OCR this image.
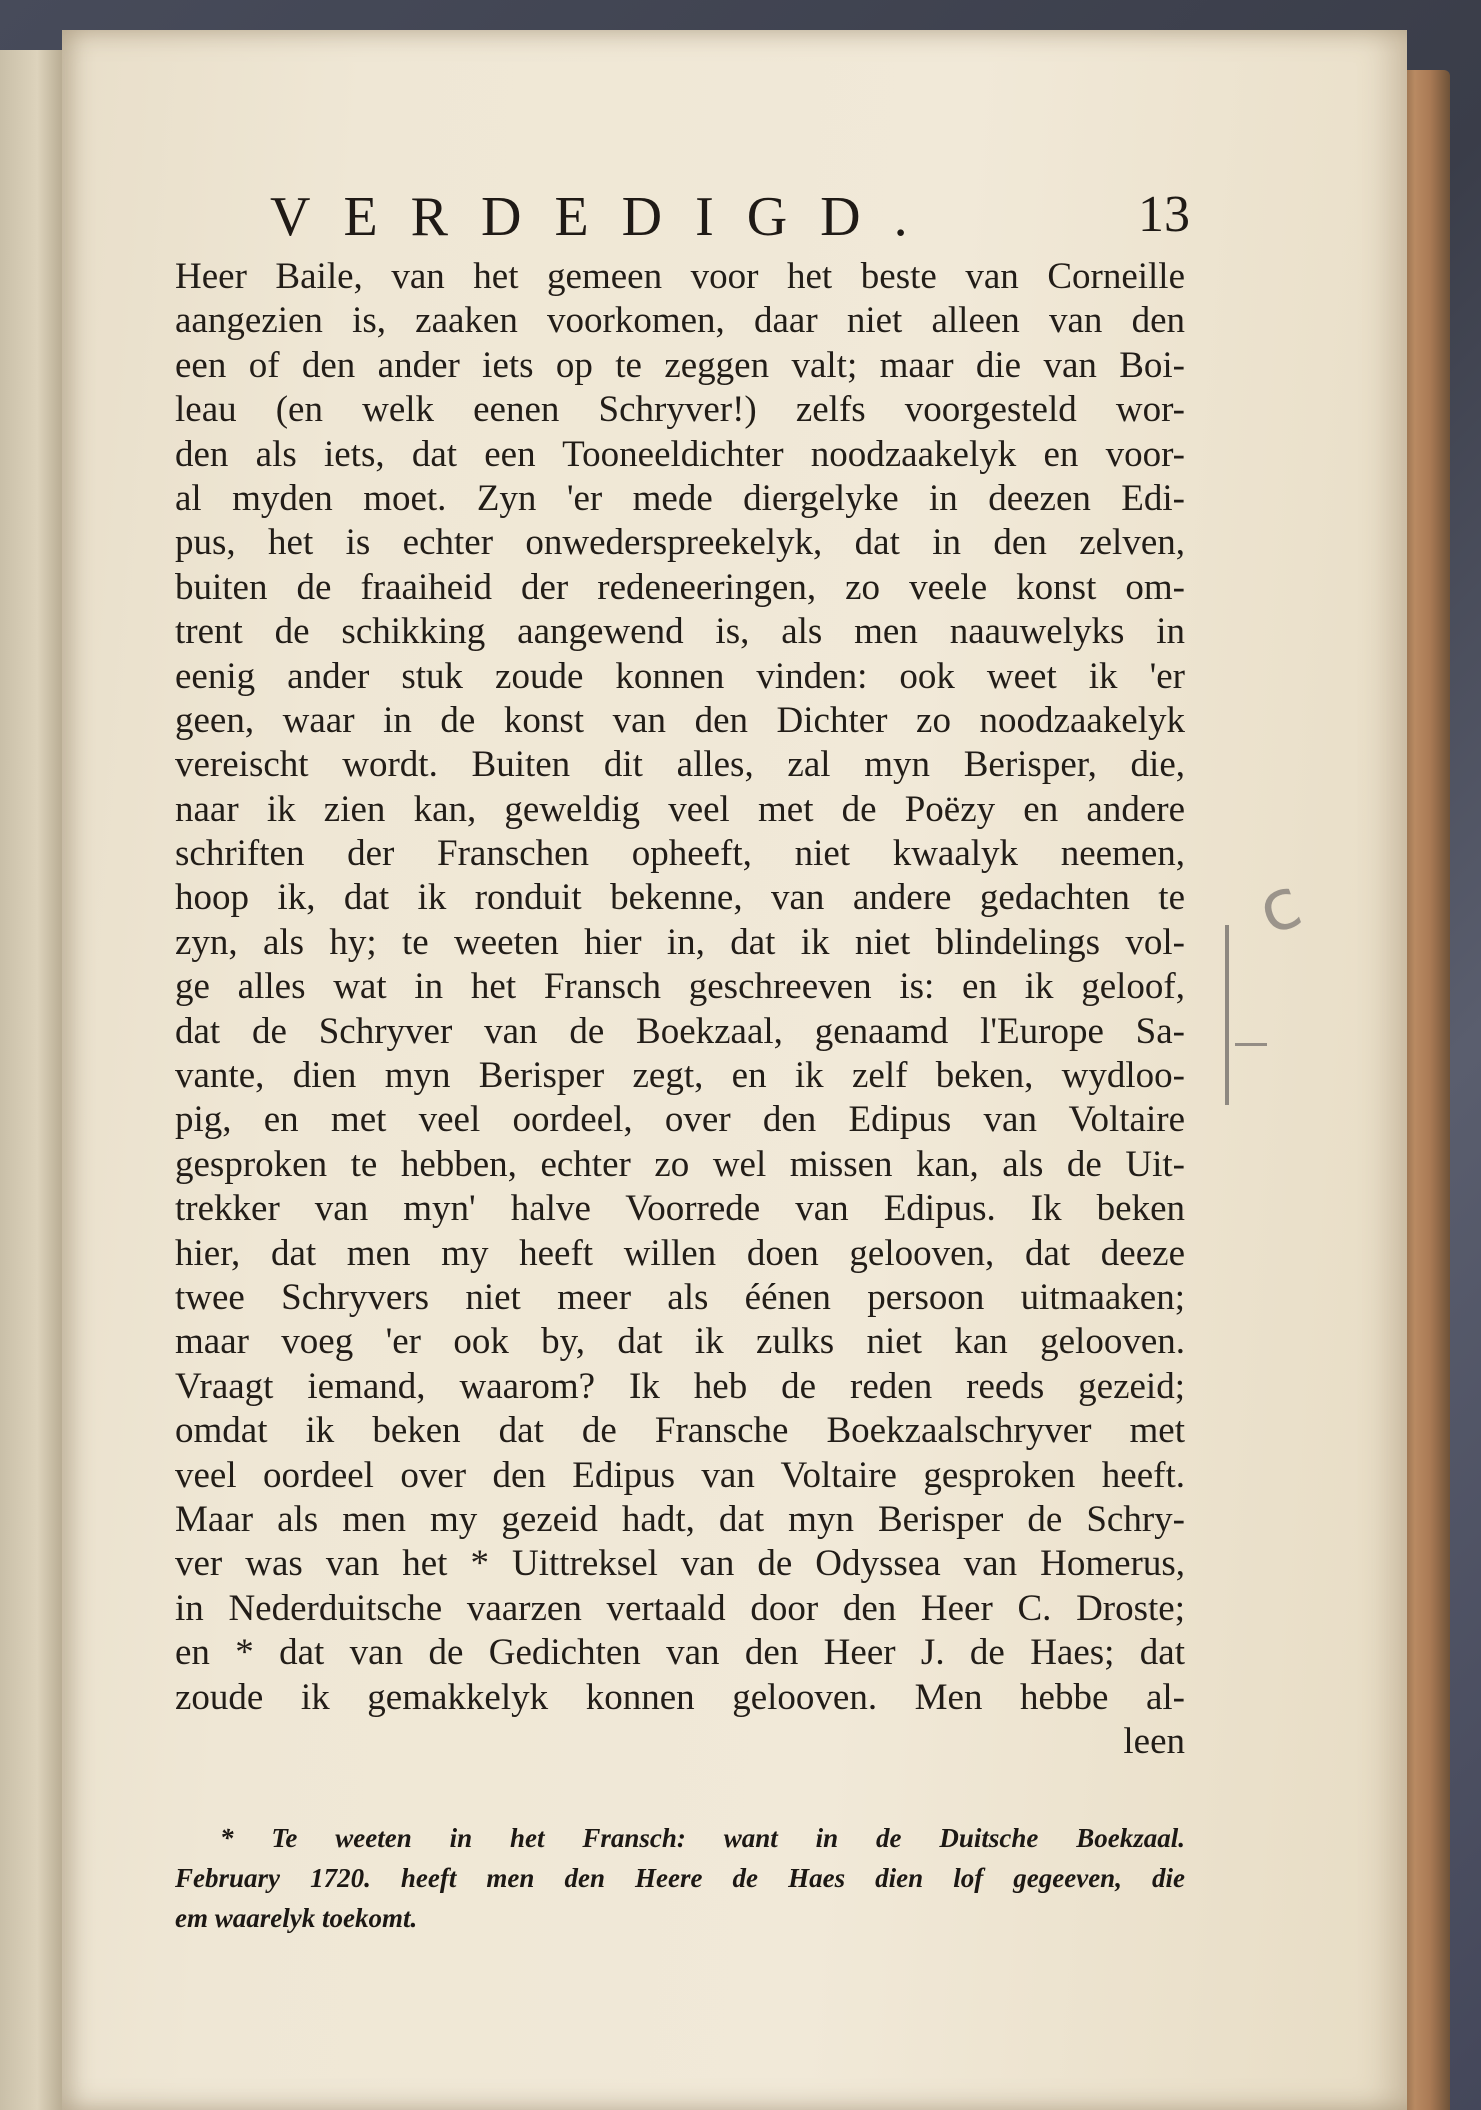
VERDEDIGD.	13
Heer Baile, van het gemeen voor het beste van Corneille
aangezien is, zaaken voorkomen, daar niet alleen van den
een of den ander iets op te zeggen valt; maar die van Boi-
leau (en welk eenen Schryver!) zelfs voorgesteld wor-
den als iets, dat een Tooneeldichter noodzaakelyk en voor-
al myden moet. Zyn 'er mede diergelyke in deezen Edi-
pus, het is echter onwederspreekelyk, dat in den zelven,
buiten de fraaiheid der redeneeringen, zo veele konst om-
trent de schikking aangewend is, als men naauwelyks in
eenig ander stuk zoude konnen vinden: ook weet ik 'er
geen, waar in de konst van den Dichter zo noodzaakelyk
vereischt wordt. Buiten dit alles, zal myn Berisper, die,
naar ik zien kan, geweldig veel met de Poëzy en andere
schriften der Franschen opheeft, niet kwaalyk neemen,
hoop ik, dat ik ronduit bekenne, van andere gedachten te
zyn, als hy; te weeten hier in, dat ik niet blindelings vol-
ge alles wat in het Fransch geschreeven is: en ik geloof,
dat de Schryver van de Boekzaal, genaamd l'Europe Sa-
vante, dien myn Berisper zegt, en ik zelf beken, wydloo-
pig, en met veel oordeel, over den Edipus van Voltaire
gesproken te hebben, echter zo wel missen kan, als de Uit-
trekker van myn' halve Voorrede van Edipus. Ik beken
hier, dat men my heeft willen doen gelooven, dat deeze
twee Schryvers niet meer als éénen persoon uitmaaken;
maar voeg 'er ook by, dat ik zulks niet kan gelooven.
Vraagt iemand, waarom? Ik heb de reden reeds gezeid;
omdat ik beken dat de Fransche Boekzaalschryver met
veel oordeel over den Edipus van Voltaire gesproken heeft.
Maar als men my gezeid hadt, dat myn Berisper de Schry-
ver was van het * Uittreksel van de Odyssea van Homerus,
in Nederduitsche vaarzen vertaald door den Heer C. Droste;
en * dat van de Gedichten van den Heer J. de Haes; dat
zoude ik gemakkelyk konnen gelooven. Men hebbe al-
leen
* Te weeten in het Fransch: want in de Duitsche Boekzaal.
February 1720. heeft men den Heere de Haes dien lof gegeeven, die
em waarelyk toekomt.
c
